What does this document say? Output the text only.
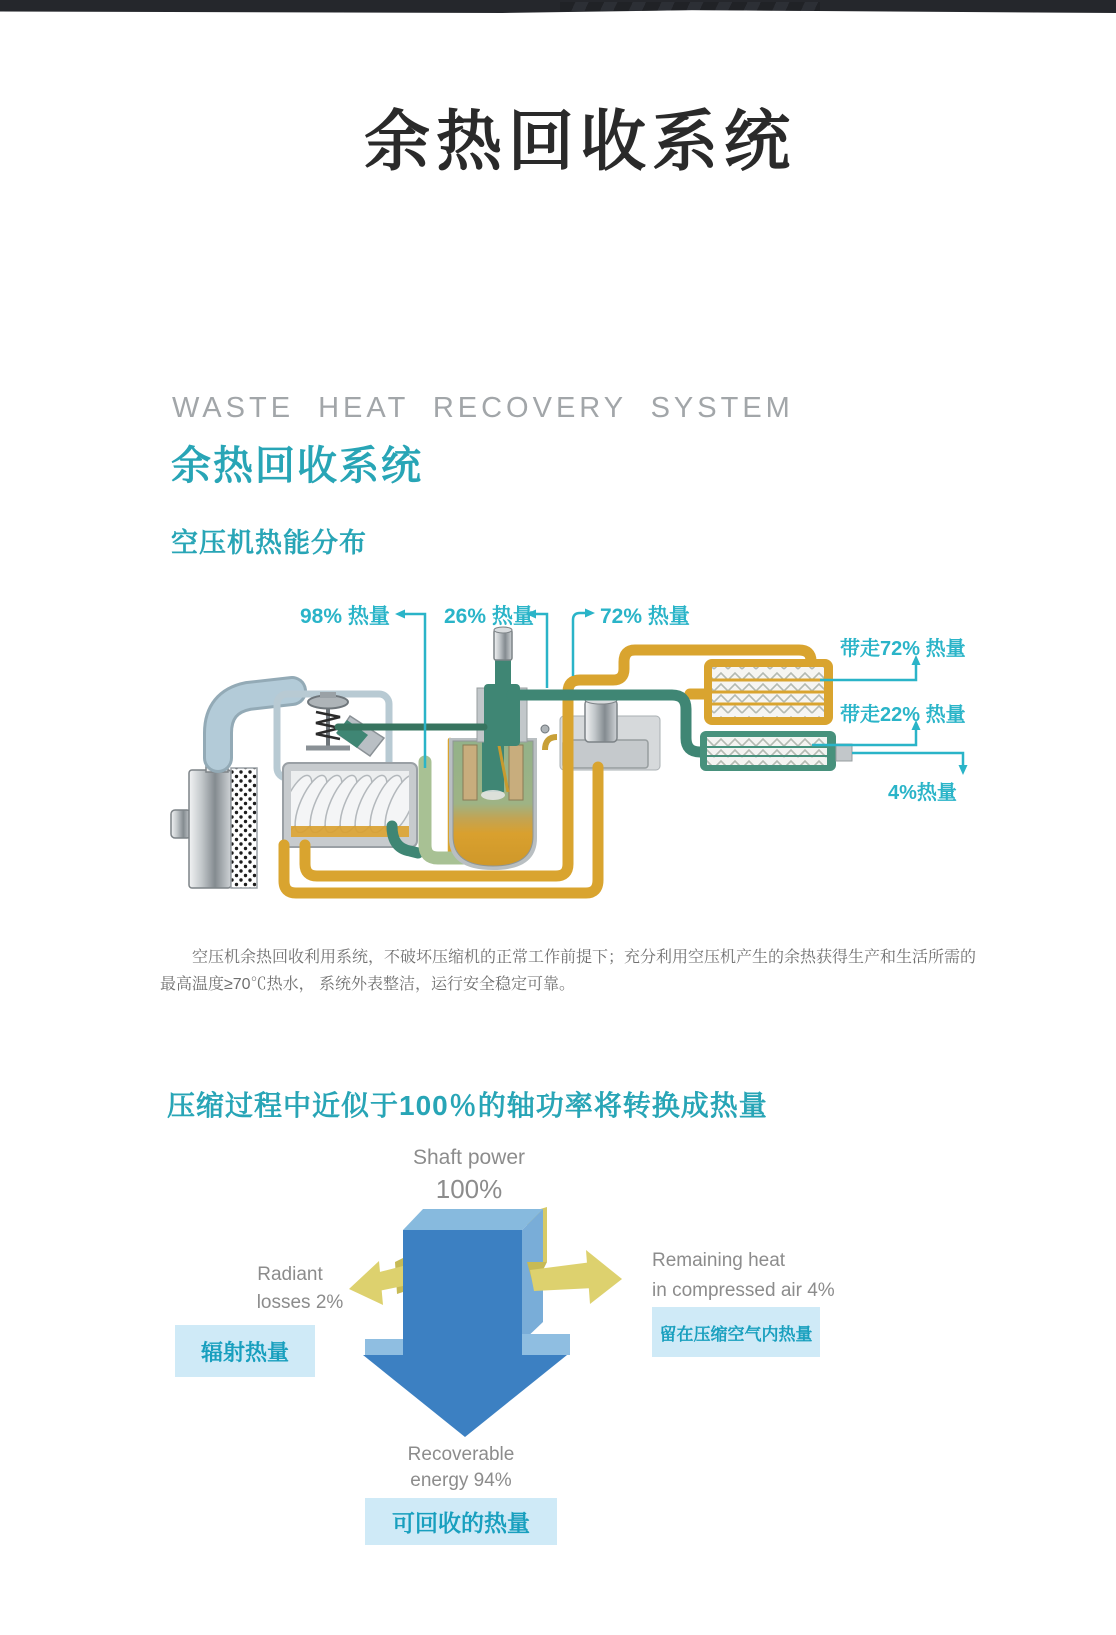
余热回收系统
WASTE HEAT RECOVERY SYSTEM
余热回收系统
空压机热能分布
98% 热量	26% 热量	72% 热量
带走72% 热量
带走22% 热量
4%热量

空压机余热回收利用系统，不破坏压缩机的正常工作前提下；充分利用空压机产生的余热获得生产和生活所需的最高温度≥70℃热水， 系统外表整洁，运行安全稳定可靠。

压缩过程中近似于100％的轴功率将转换成热量
Shaft power
100%
Radiant
losses 2%
辐射热量
Remaining heat
in compressed air 4%
留在压缩空气内热量
Recoverable
energy 94%
可回收的热量
